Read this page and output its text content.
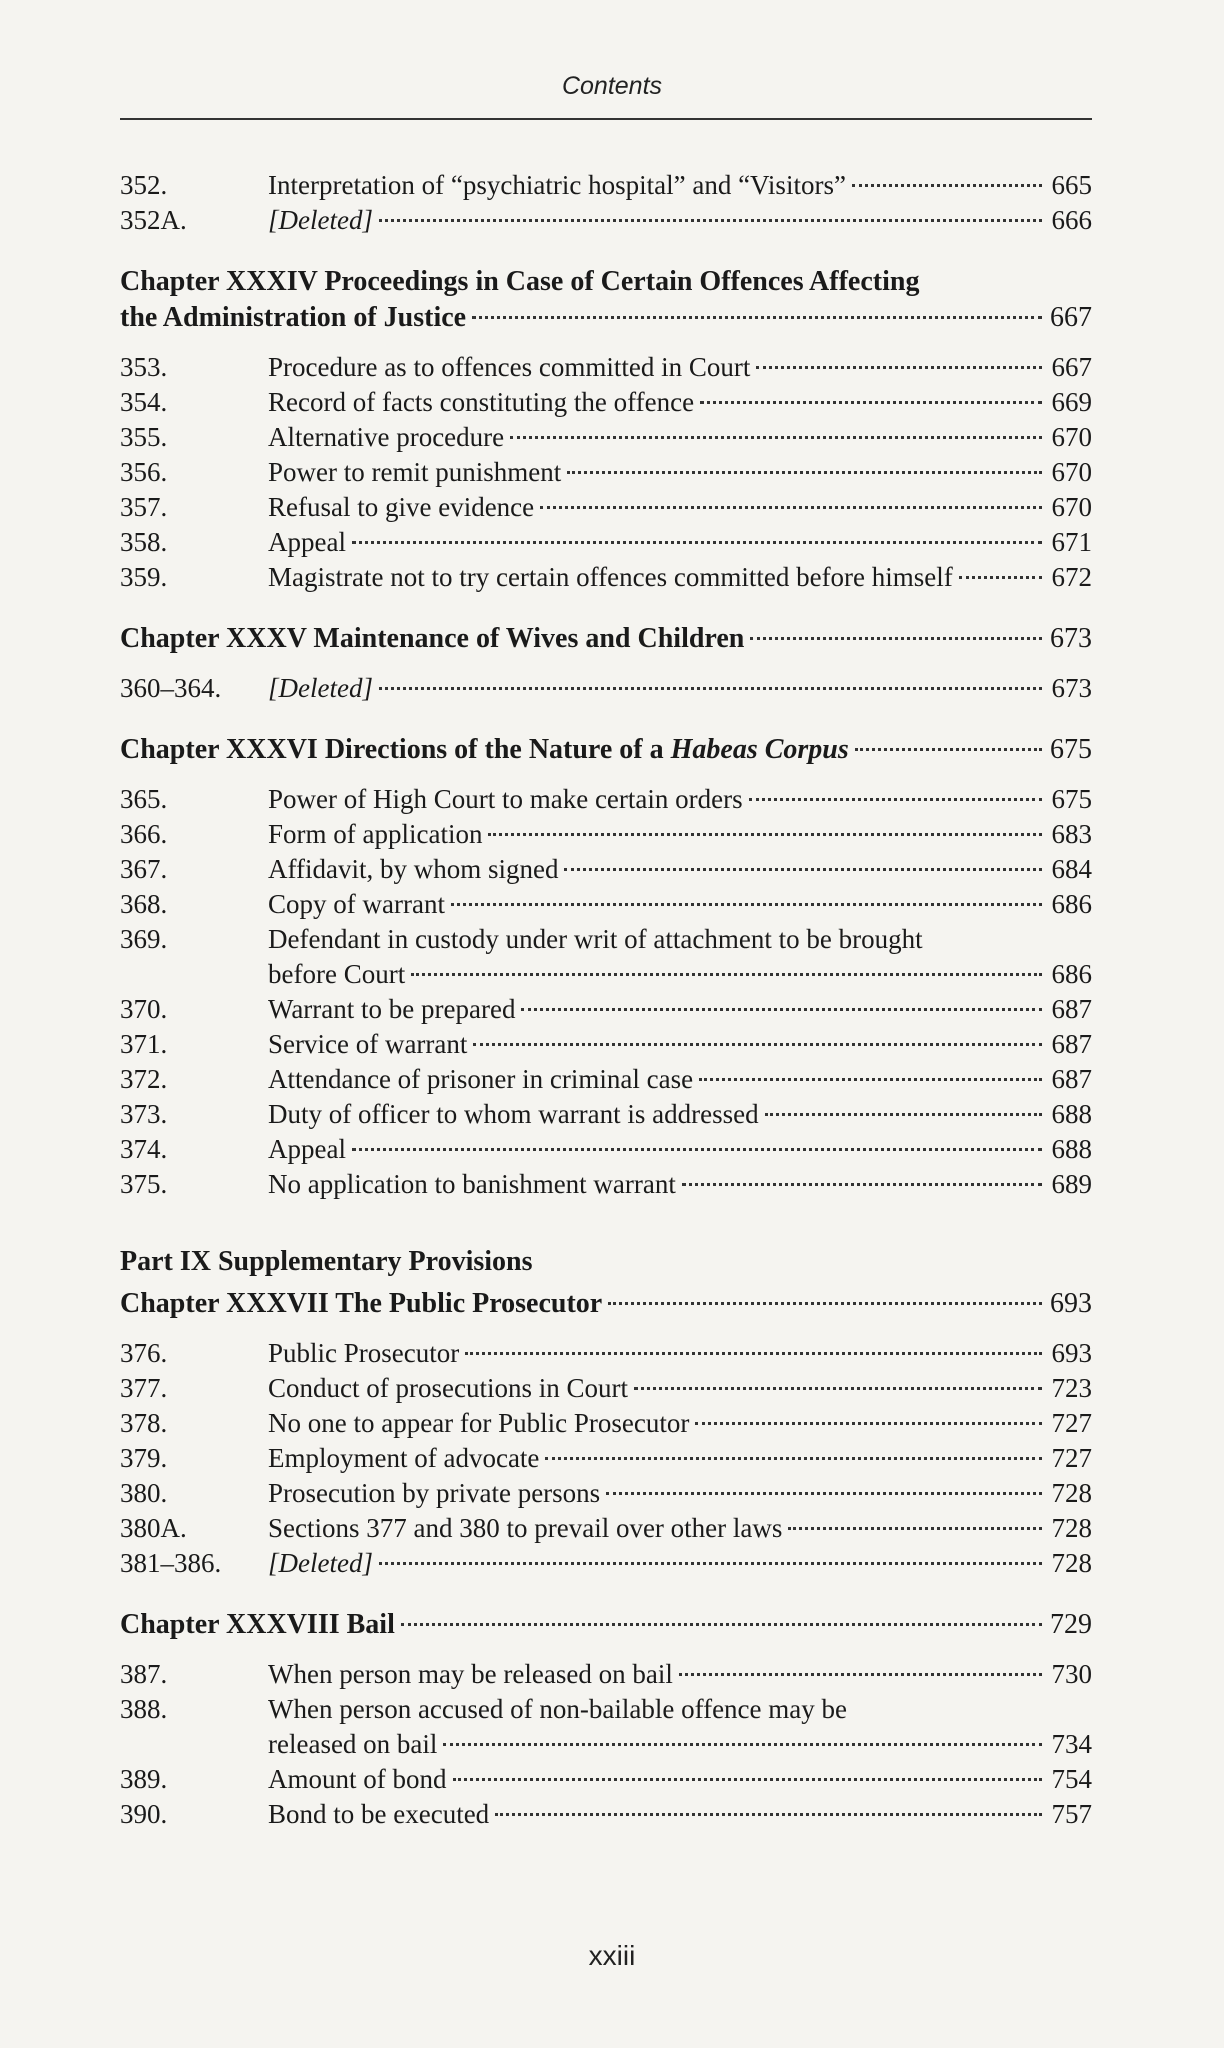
Contents
352.	Interpretation of “psychiatric hospital” and “Visitors”	665
352A.	[Deleted]	666
Chapter XXXIV Proceedings in Case of Certain Offences Affecting
the Administration of Justice	667
353.	Procedure as to offences committed in Court	667
354.	Record of facts constituting the offence	669
355.	Alternative procedure	670
356.	Power to remit punishment	670
357.	Refusal to give evidence	670
358.	Appeal	671
359.	Magistrate not to try certain offences committed before himself	672
Chapter XXXV Maintenance of Wives and Children	673
360–364.	[Deleted]	673
Chapter XXXVI Directions of the Nature of a Habeas Corpus	675
365.	Power of High Court to make certain orders	675
366.	Form of application	683
367.	Affidavit, by whom signed	684
368.	Copy of warrant	686
369.	Defendant in custody under writ of attachment to be brought
before Court	686
370.	Warrant to be prepared	687
371.	Service of warrant	687
372.	Attendance of prisoner in criminal case	687
373.	Duty of officer to whom warrant is addressed	688
374.	Appeal	688
375.	No application to banishment warrant	689
Part IX Supplementary Provisions
Chapter XXXVII The Public Prosecutor	693
376.	Public Prosecutor	693
377.	Conduct of prosecutions in Court	723
378.	No one to appear for Public Prosecutor	727
379.	Employment of advocate	727
380.	Prosecution by private persons	728
380A.	Sections 377 and 380 to prevail over other laws	728
381–386.	[Deleted]	728
Chapter XXXVIII Bail	729
387.	When person may be released on bail	730
388.	When person accused of non-bailable offence may be
released on bail	734
389.	Amount of bond	754
390.	Bond to be executed	757
xxiii
